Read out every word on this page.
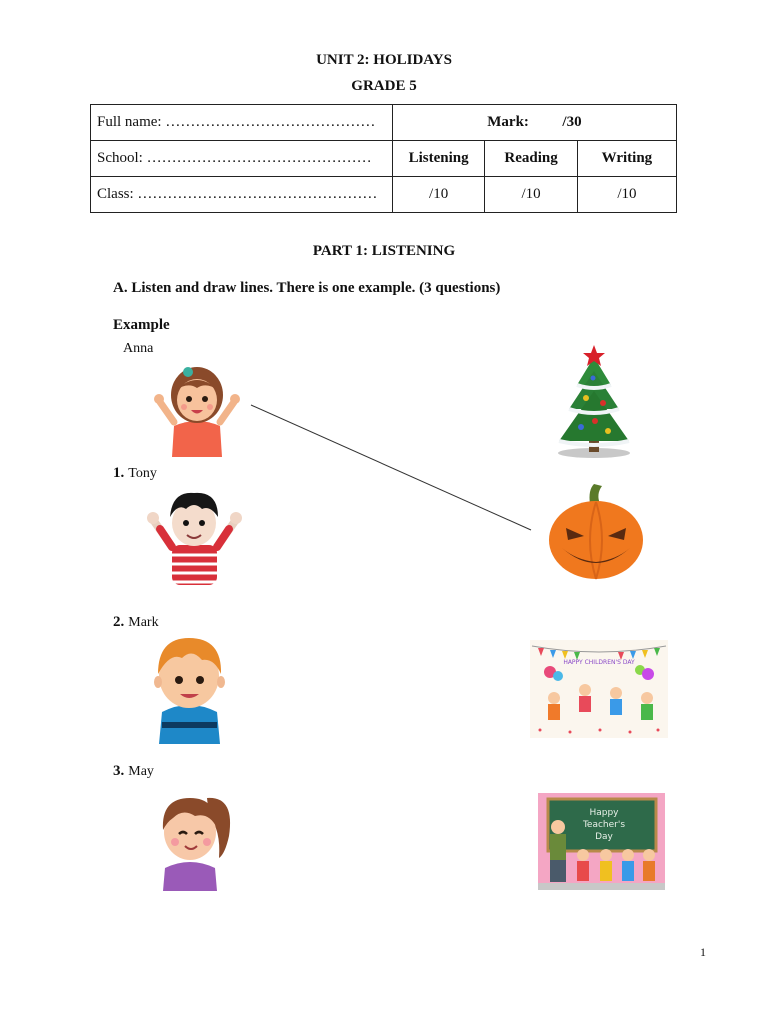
UNIT 2: HOLIDAYS
GRADE 5
Full name: ……………………………………	Mark: /30		
School: ………………………………………	Listening	Reading	Writing
Class: …………………………………………	/10	/10	/10
PART 1: LISTENING
A. Listen and draw lines. There is one example. (3 questions)
Example
Anna
1. Tony
2. Mark
3. May
HAPPY CHILDREN'S DAY
Happy
Teacher's
Day
1
